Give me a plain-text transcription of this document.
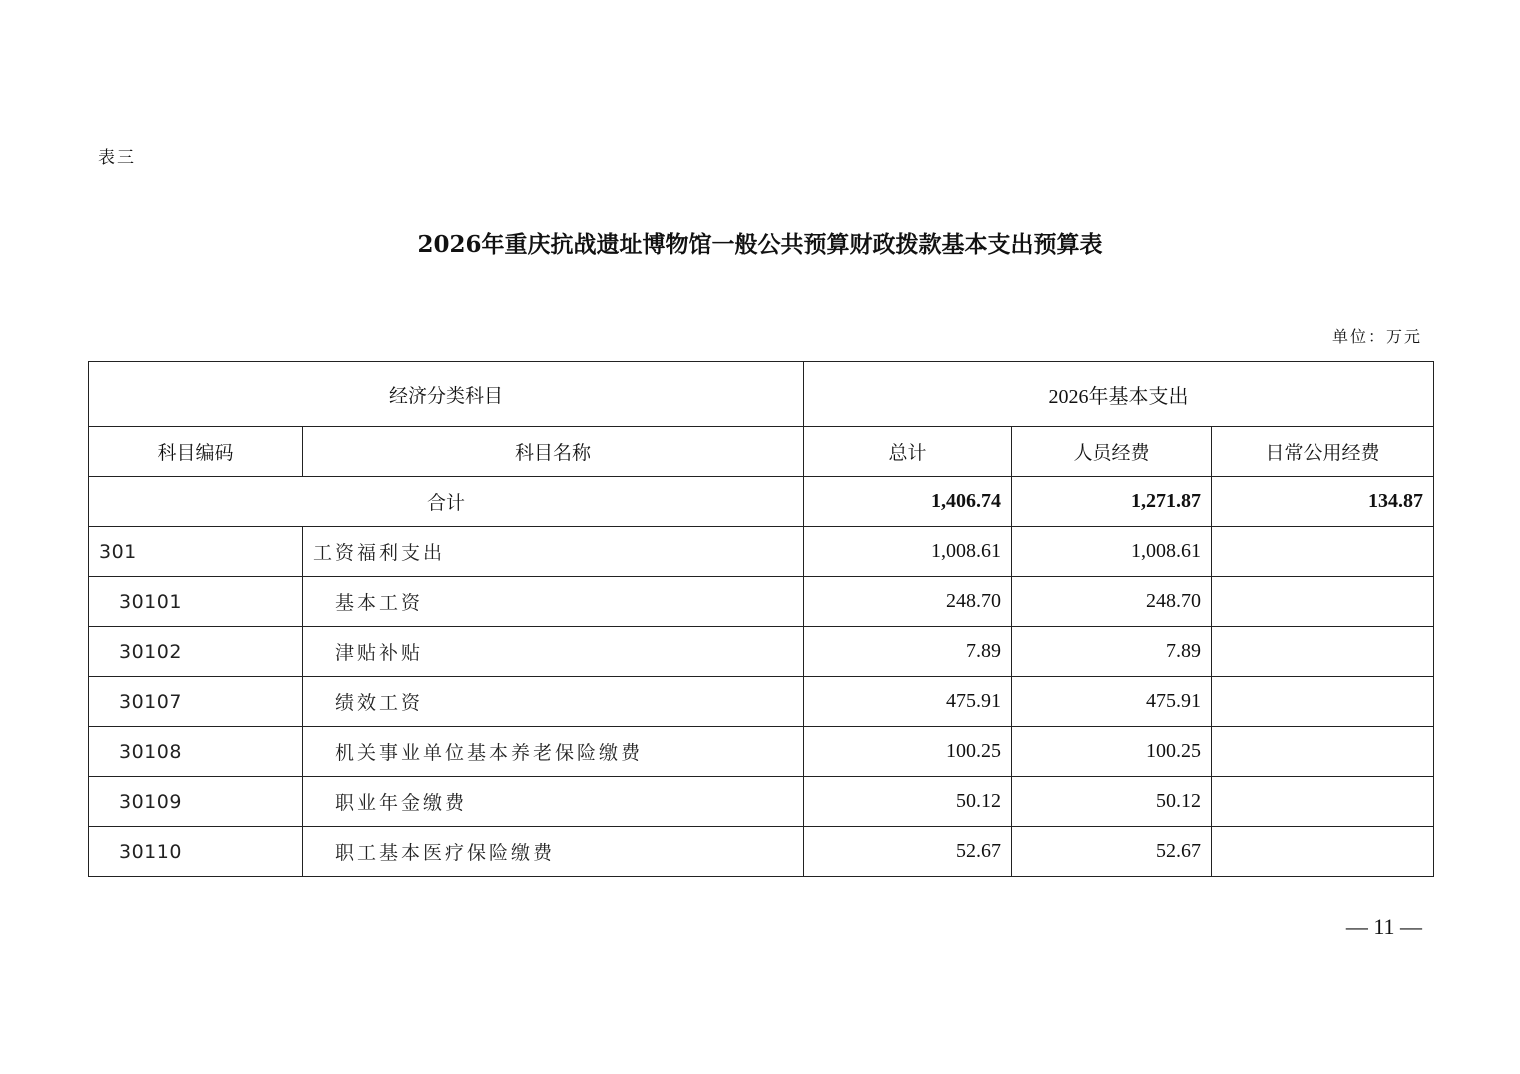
表三
2026年重庆抗战遗址博物馆一般公共预算财政拨款基本支出预算表
单位：万元
经济分类科目		2026年基本支出		
科目编码	科目名称	总计	人员经费	日常公用经费
合计		1,406.74	1,271.87	134.87
301	工资福利支出	1,008.61	1,008.61	
30101	基本工资	248.70	248.70	
30102	津贴补贴	7.89	7.89	
30107	绩效工资	475.91	475.91	
30108	机关事业单位基本养老保险缴费	100.25	100.25	
30109	职业年金缴费	50.12	50.12	
30110	职工基本医疗保险缴费	52.67	52.67	
— 11 —
